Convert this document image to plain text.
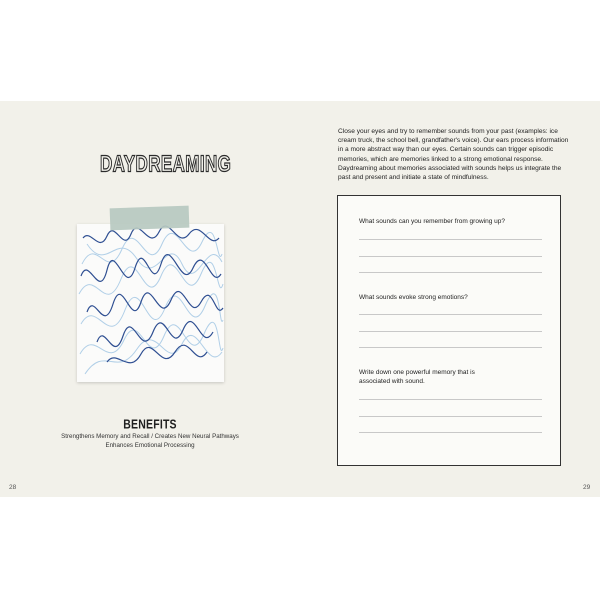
DAYDREAMING
BENEFITS
Strengthens Memory and Recall / Creates New Neural Pathways
Enhances Emotional Processing
28
Close your eyes and try to remember sounds from your past (examples: ice cream truck, the school bell, grandfather's voice). Our ears process information in a more abstract way than our eyes. Certain sounds can trigger episodic memories, which are memories linked to a strong emotional response. Daydreaming about memories associated with sounds helps us integrate the past and present and initiate a state of mindfulness.
What sounds can you remember from growing up?
What sounds evoke strong emotions?
Write down one powerful memory that is associated with sound.
29
